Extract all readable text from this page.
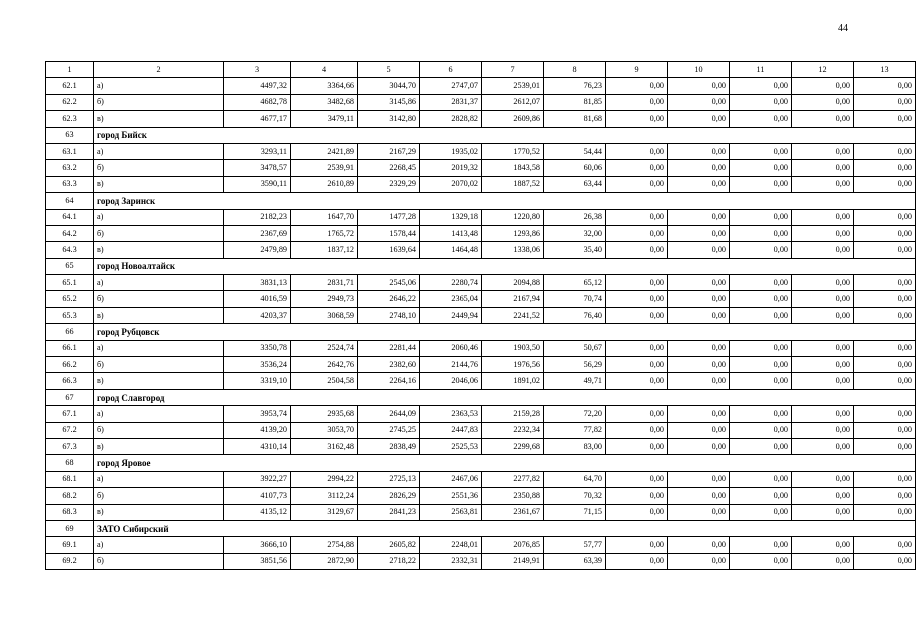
44
1	2	3	4	5	6	7	8	9	10	11	12	13
62.1	а)	4497,32	3364,66	3044,70	2747,07	2539,01	76,23	0,00	0,00	0,00	0,00	0,00
62.2	б)	4682,78	3482,68	3145,86	2831,37	2612,07	81,85	0,00	0,00	0,00	0,00	0,00
62.3	в)	4677,17	3479,11	3142,80	2828,82	2609,86	81,68	0,00	0,00	0,00	0,00	0,00
63	город Бийск											
63.1	а)	3293,11	2421,89	2167,29	1935,02	1770,52	54,44	0,00	0,00	0,00	0,00	0,00
63.2	б)	3478,57	2539,91	2268,45	2019,32	1843,58	60,06	0,00	0,00	0,00	0,00	0,00
63.3	в)	3590,11	2610,89	2329,29	2070,02	1887,52	63,44	0,00	0,00	0,00	0,00	0,00
64	город Заринск											
64.1	а)	2182,23	1647,70	1477,28	1329,18	1220,80	26,38	0,00	0,00	0,00	0,00	0,00
64.2	б)	2367,69	1765,72	1578,44	1413,48	1293,86	32,00	0,00	0,00	0,00	0,00	0,00
64.3	в)	2479,89	1837,12	1639,64	1464,48	1338,06	35,40	0,00	0,00	0,00	0,00	0,00
65	город Новоалтайск											
65.1	а)	3831,13	2831,71	2545,06	2280,74	2094,88	65,12	0,00	0,00	0,00	0,00	0,00
65.2	б)	4016,59	2949,73	2646,22	2365,04	2167,94	70,74	0,00	0,00	0,00	0,00	0,00
65.3	в)	4203,37	3068,59	2748,10	2449,94	2241,52	76,40	0,00	0,00	0,00	0,00	0,00
66	город Рубцовск											
66.1	а)	3350,78	2524,74	2281,44	2060,46	1903,50	50,67	0,00	0,00	0,00	0,00	0,00
66.2	б)	3536,24	2642,76	2382,60	2144,76	1976,56	56,29	0,00	0,00	0,00	0,00	0,00
66.3	в)	3319,10	2504,58	2264,16	2046,06	1891,02	49,71	0,00	0,00	0,00	0,00	0,00
67	город Славгород											
67.1	а)	3953,74	2935,68	2644,09	2363,53	2159,28	72,20	0,00	0,00	0,00	0,00	0,00
67.2	б)	4139,20	3053,70	2745,25	2447,83	2232,34	77,82	0,00	0,00	0,00	0,00	0,00
67.3	в)	4310,14	3162,48	2838,49	2525,53	2299,68	83,00	0,00	0,00	0,00	0,00	0,00
68	город Яровое											
68.1	а)	3922,27	2994,22	2725,13	2467,06	2277,82	64,70	0,00	0,00	0,00	0,00	0,00
68.2	б)	4107,73	3112,24	2826,29	2551,36	2350,88	70,32	0,00	0,00	0,00	0,00	0,00
68.3	в)	4135,12	3129,67	2841,23	2563,81	2361,67	71,15	0,00	0,00	0,00	0,00	0,00
69	ЗАТО Сибирский											
69.1	а)	3666,10	2754,88	2605,82	2248,01	2076,85	57,77	0,00	0,00	0,00	0,00	0,00
69.2	б)	3851,56	2872,90	2718,22	2332,31	2149,91	63,39	0,00	0,00	0,00	0,00	0,00
